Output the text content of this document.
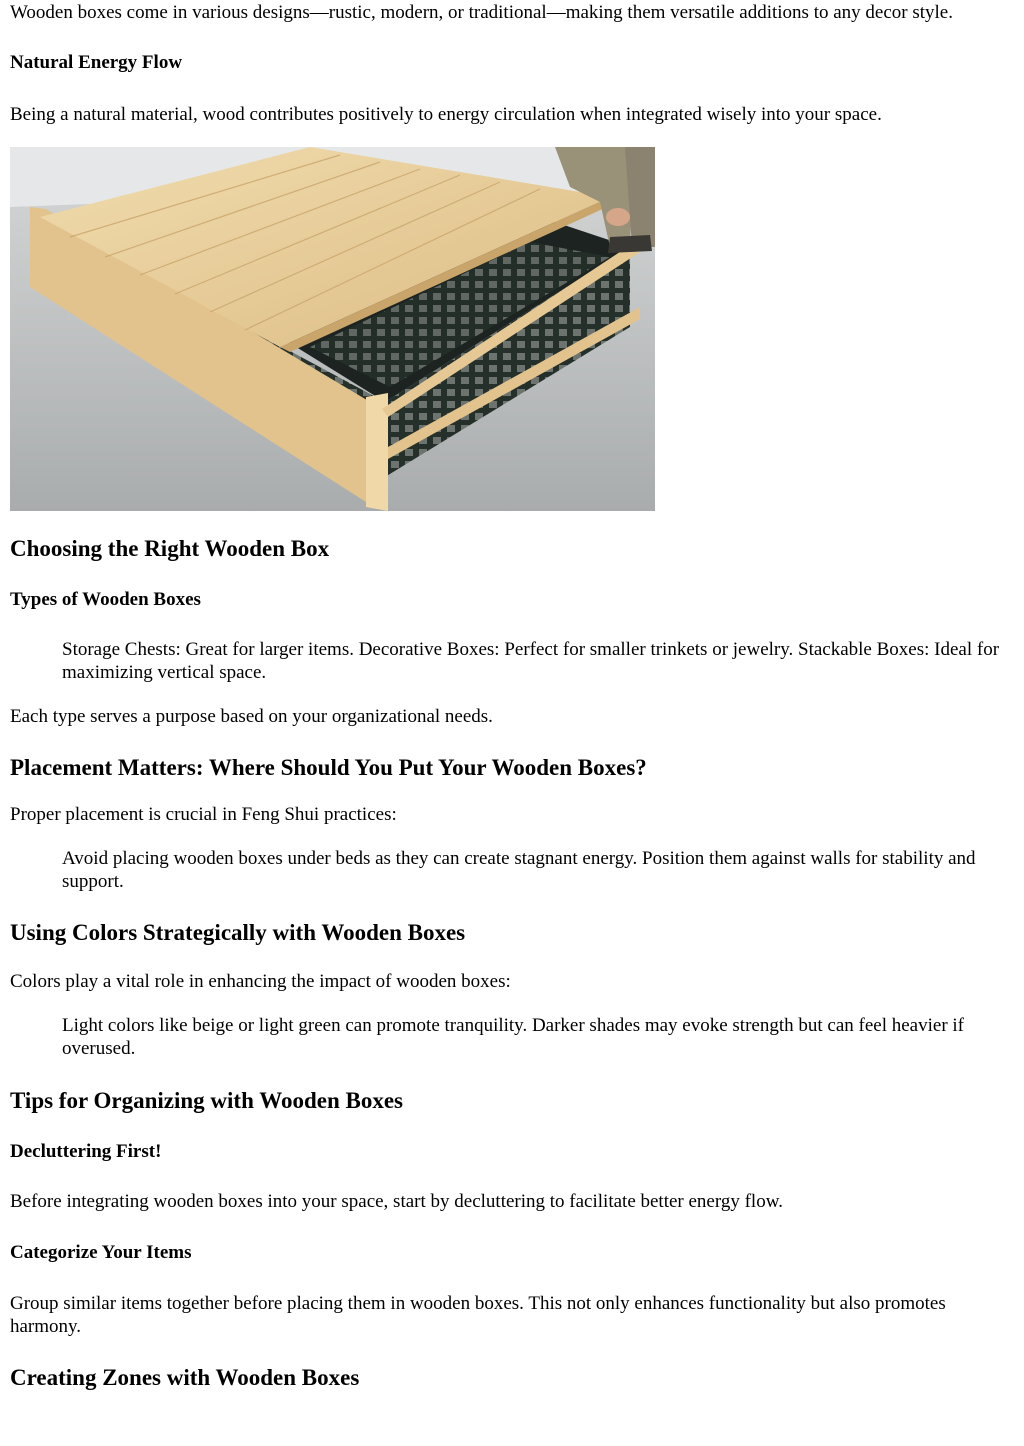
Wooden boxes come in various designs—rustic, modern, or traditional—making them versatile additions to any decor style.

Natural Energy Flow

Being a natural material, wood contributes positively to energy circulation when integrated wisely into your space.

Choosing the Right Wooden Box
Types of Wooden Boxes
Storage Chests: Great for larger items. Decorative Boxes: Perfect for smaller trinkets or jewelry. Stackable Boxes: Ideal for maximizing vertical space.

Each type serves a purpose based on your organizational needs.

Placement Matters: Where Should You Put Your Wooden Boxes?

Proper placement is crucial in Feng Shui practices:

Avoid placing wooden boxes under beds as they can create stagnant energy. Position them against walls for stability and support.
Using Colors Strategically with Wooden Boxes

Colors play a vital role in enhancing the impact of wooden boxes:

Light colors like beige or light green can promote tranquility. Darker shades may evoke strength but can feel heavier if overused.
Tips for Organizing with Wooden Boxes
Decluttering First!

Before integrating wooden boxes into your space, start by decluttering to facilitate better energy flow.

Categorize Your Items

Group similar items together before placing them in wooden boxes. This not only enhances functionality but also promotes harmony.

Creating Zones with Wooden Boxes
